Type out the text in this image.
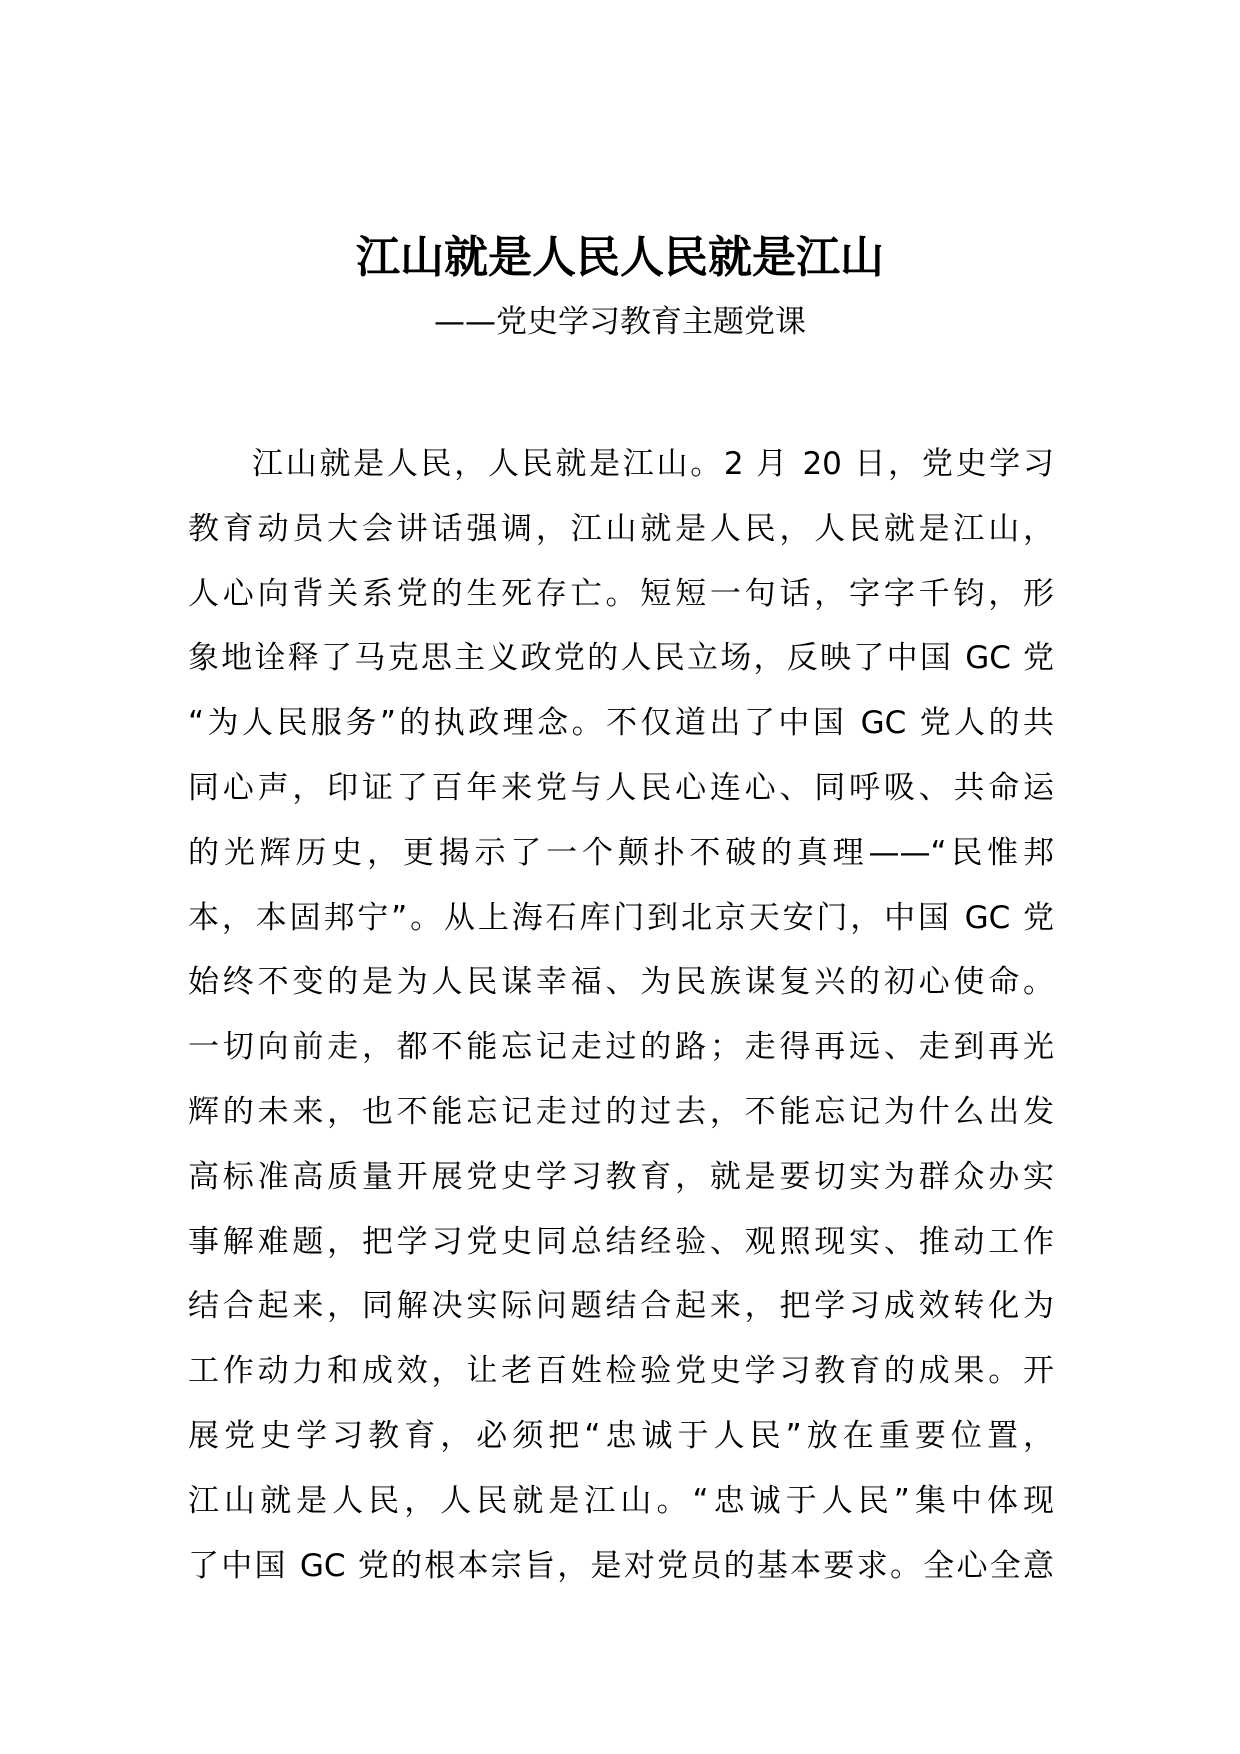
江山就是人民人民就是江山

——党史学习教育主题党课

江山就是人民，人民就是江山。2 月 20 日，党史学习
教育动员大会讲话强调，江山就是人民，人民就是江山，
人心向背关系党的生死存亡。短短一句话，字字千钧，形
象地诠释了马克思主义政党的人民立场，反映了中国 GC 党
“为人民服务”的执政理念。不仅道出了中国 GC 党人的共
同心声，印证了百年来党与人民心连心、同呼吸、共命运
的光辉历史，更揭示了一个颠扑不破的真理——“民惟邦
本，本固邦宁”。从上海石库门到北京天安门，中国 GC 党
始终不变的是为人民谋幸福、为民族谋复兴的初心使命。
一切向前走，都不能忘记走过的路；走得再远、走到再光
辉的未来，也不能忘记走过的过去，不能忘记为什么出发
高标准高质量开展党史学习教育，就是要切实为群众办实
事解难题，把学习党史同总结经验、观照现实、推动工作
结合起来，同解决实际问题结合起来，把学习成效转化为
工作动力和成效，让老百姓检验党史学习教育的成果。开
展党史学习教育，必须把“忠诚于人民”放在重要位置，
江山就是人民，人民就是江山。“忠诚于人民”集中体现
了中国 GC 党的根本宗旨，是对党员的基本要求。全心全意
